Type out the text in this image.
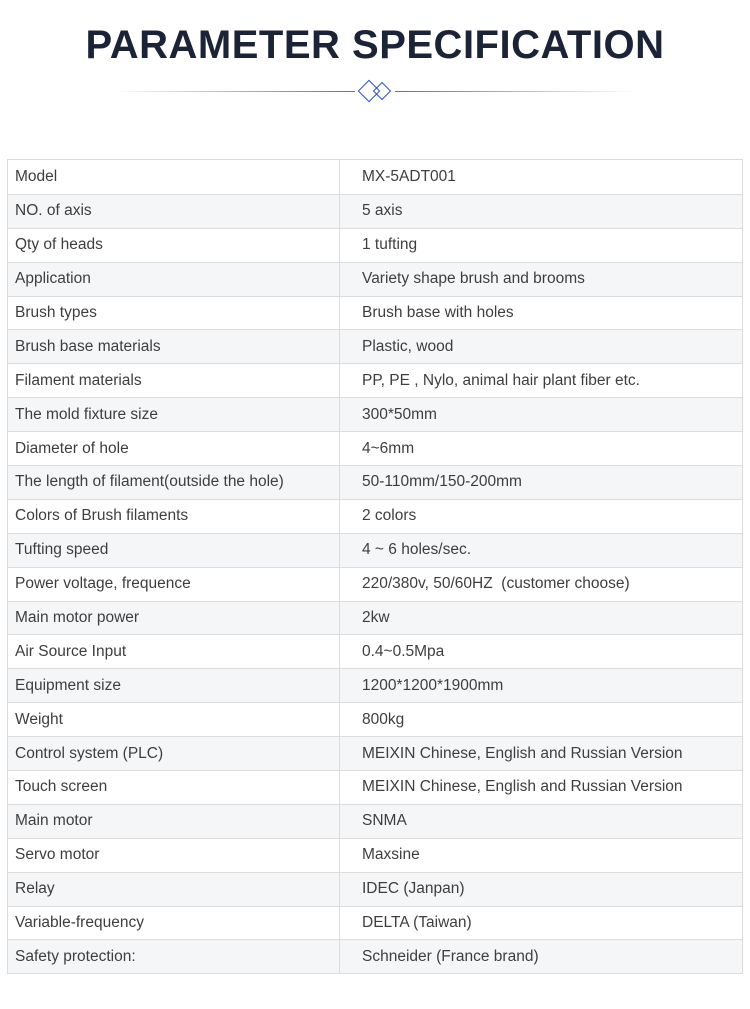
PARAMETER SPECIFICATION
Model	MX-5ADT001
NO. of axis	5 axis
Qty of heads	1 tufting
Application	Variety shape brush and brooms
Brush types	Brush base with holes
Brush base materials	Plastic, wood
Filament materials	PP, PE , Nylo, animal hair plant fiber etc.
The mold fixture size	300*50mm
Diameter of hole	4~6mm
The length of filament(outside the hole)	50-110mm/150-200mm
Colors of Brush filaments	2 colors
Tufting speed	4 ~ 6 holes/sec.
Power voltage, frequence	220/380v, 50/60HZ  (customer choose)
Main motor power	2kw
Air Source Input	0.4~0.5Mpa
Equipment size	1200*1200*1900mm
Weight	800kg
Control system (PLC)	MEIXIN Chinese, English and Russian Version
Touch screen	MEIXIN Chinese, English and Russian Version
Main motor	SNMA
Servo motor	Maxsine
Relay	IDEC (Janpan)
Variable-frequency	DELTA (Taiwan)
Safety protection:	Schneider (France brand)
